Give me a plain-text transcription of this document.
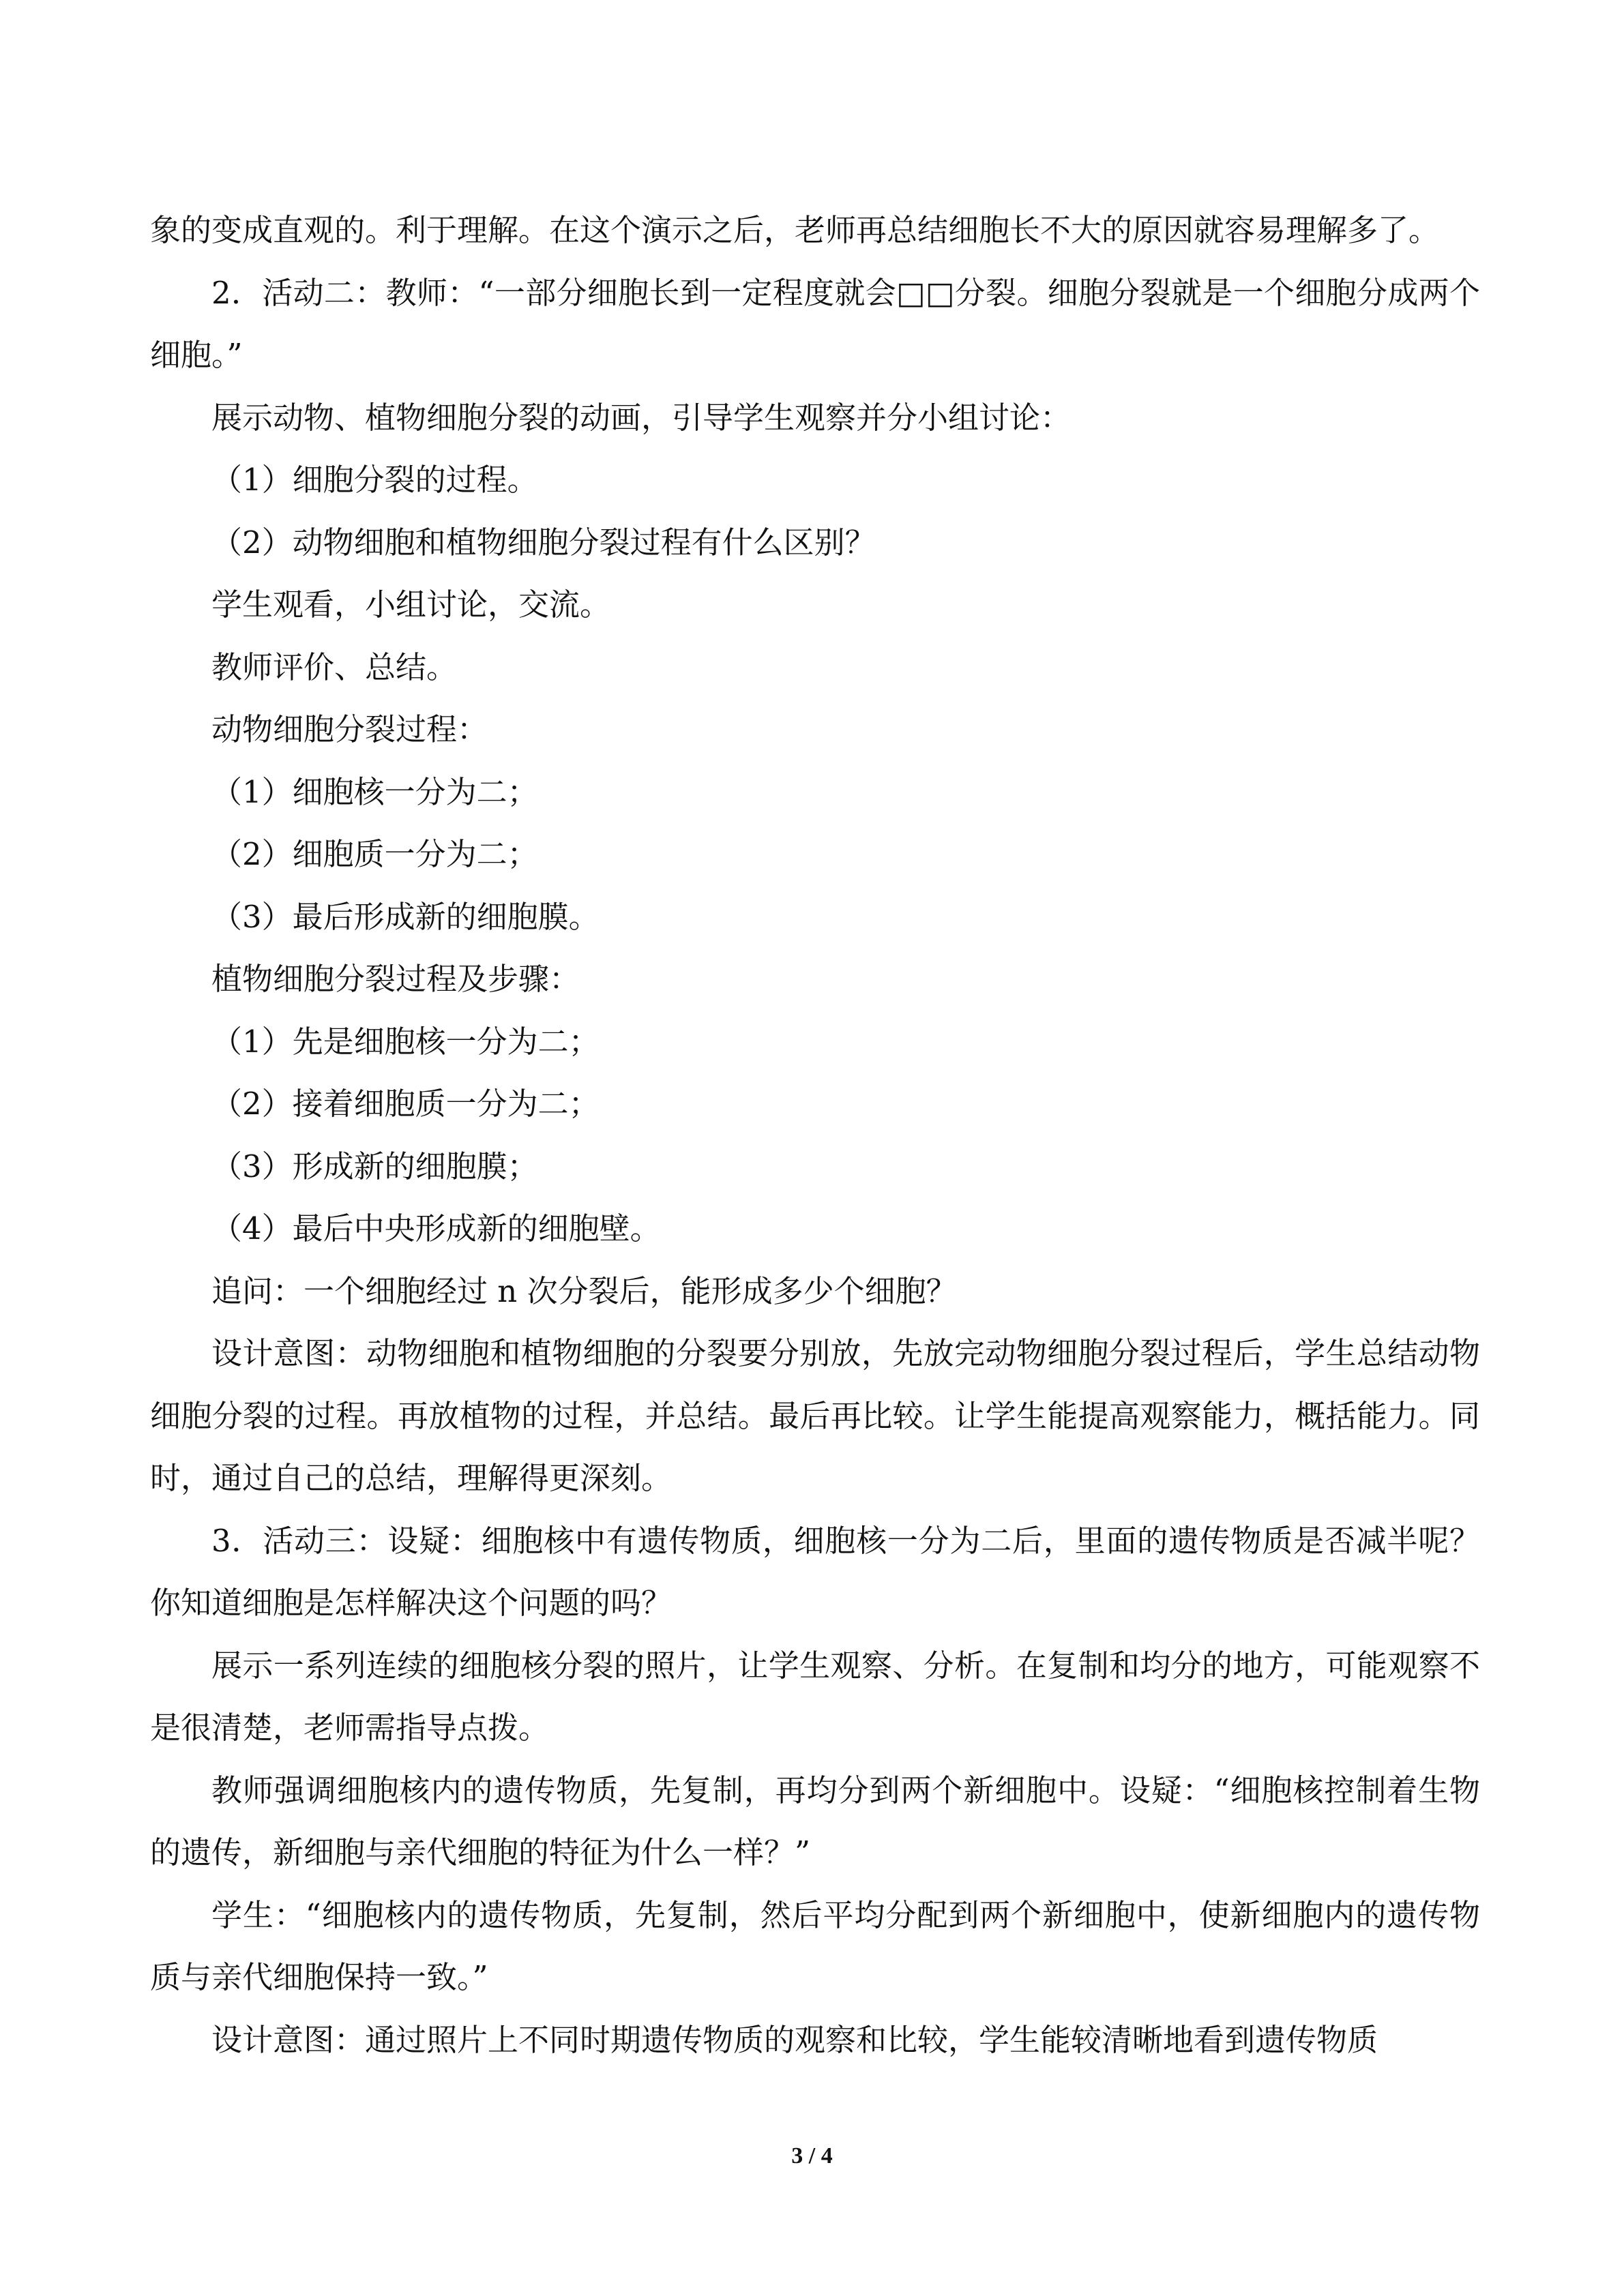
象的变成直观的。利于理解。在这个演示之后，老师再总结细胞长不大的原因就容易理解多了。

2．活动二：教师：“一部分细胞长到一定程度就会□□分裂。细胞分裂就是一个细胞分成两个细胞。”

展示动物、植物细胞分裂的动画，引导学生观察并分小组讨论：

（1）细胞分裂的过程。

（2）动物细胞和植物细胞分裂过程有什么区别？

学生观看，小组讨论，交流。

教师评价、总结。

动物细胞分裂过程：

（1）细胞核一分为二；

（2）细胞质一分为二；

（3）最后形成新的细胞膜。

植物细胞分裂过程及步骤：

（1）先是细胞核一分为二；

（2）接着细胞质一分为二；

（3）形成新的细胞膜；

（4）最后中央形成新的细胞壁。

追问：一个细胞经过 n 次分裂后，能形成多少个细胞？

设计意图：动物细胞和植物细胞的分裂要分别放，先放完动物细胞分裂过程后，学生总结动物细胞分裂的过程。再放植物的过程，并总结。最后再比较。让学生能提高观察能力，概括能力。同时，通过自己的总结，理解得更深刻。

3．活动三：设疑：细胞核中有遗传物质，细胞核一分为二后，里面的遗传物质是否减半呢？你知道细胞是怎样解决这个问题的吗？

展示一系列连续的细胞核分裂的照片，让学生观察、分析。在复制和均分的地方，可能观察不是很清楚，老师需指导点拨。

教师强调细胞核内的遗传物质，先复制，再均分到两个新细胞中。设疑：“细胞核控制着生物的遗传，新细胞与亲代细胞的特征为什么一样？”

学生：“细胞核内的遗传物质，先复制，然后平均分配到两个新细胞中，使新细胞内的遗传物质与亲代细胞保持一致。”

设计意图：通过照片上不同时期遗传物质的观察和比较，学生能较清晰地看到遗传物质

3 / 4
